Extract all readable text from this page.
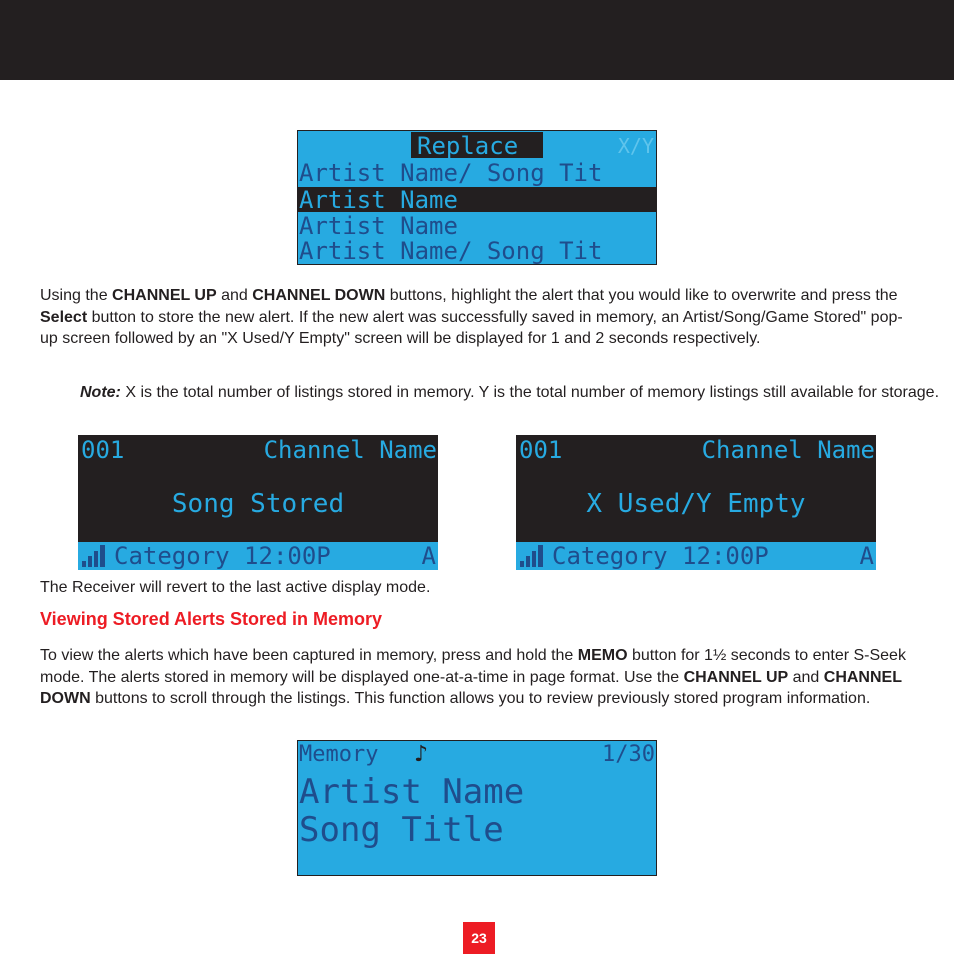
Replace

	X/Y

Artist Name/ Song Tit

Artist Name

Artist Name

Artist Name/ Song Tit

Using the CHANNEL UP and CHANNEL DOWN buttons, highlight the alert that you would like to overwrite and press the Select button to store the new alert. If the new alert was successfully saved in memory, an Artist/Song/Game Stored" pop-up screen followed by an "X Used/Y Empty" screen will be displayed for 1 and 2 seconds respectively.
Note: X is the total number of listings stored in memory. Y is the total number of memory listings still available for storage.

001

	Channel Name

Song Stored

Category 12:00P

	A

001

	Channel Name

X Used/Y Empty

Category 12:00P

	A

The Receiver will revert to the last active display mode.
Viewing Stored Alerts Stored in Memory
To view the alerts which have been captured in memory, press and hold the MEMO button for 1½ seconds to enter S-Seek mode. The alerts stored in memory will be displayed one-at-a-time in page format. Use the CHANNEL UP and CHANNEL DOWN buttons to scroll through the listings. This function allows you to review previously stored program information.

Memory

♪

	1/30

Artist Name

Song Title

23
